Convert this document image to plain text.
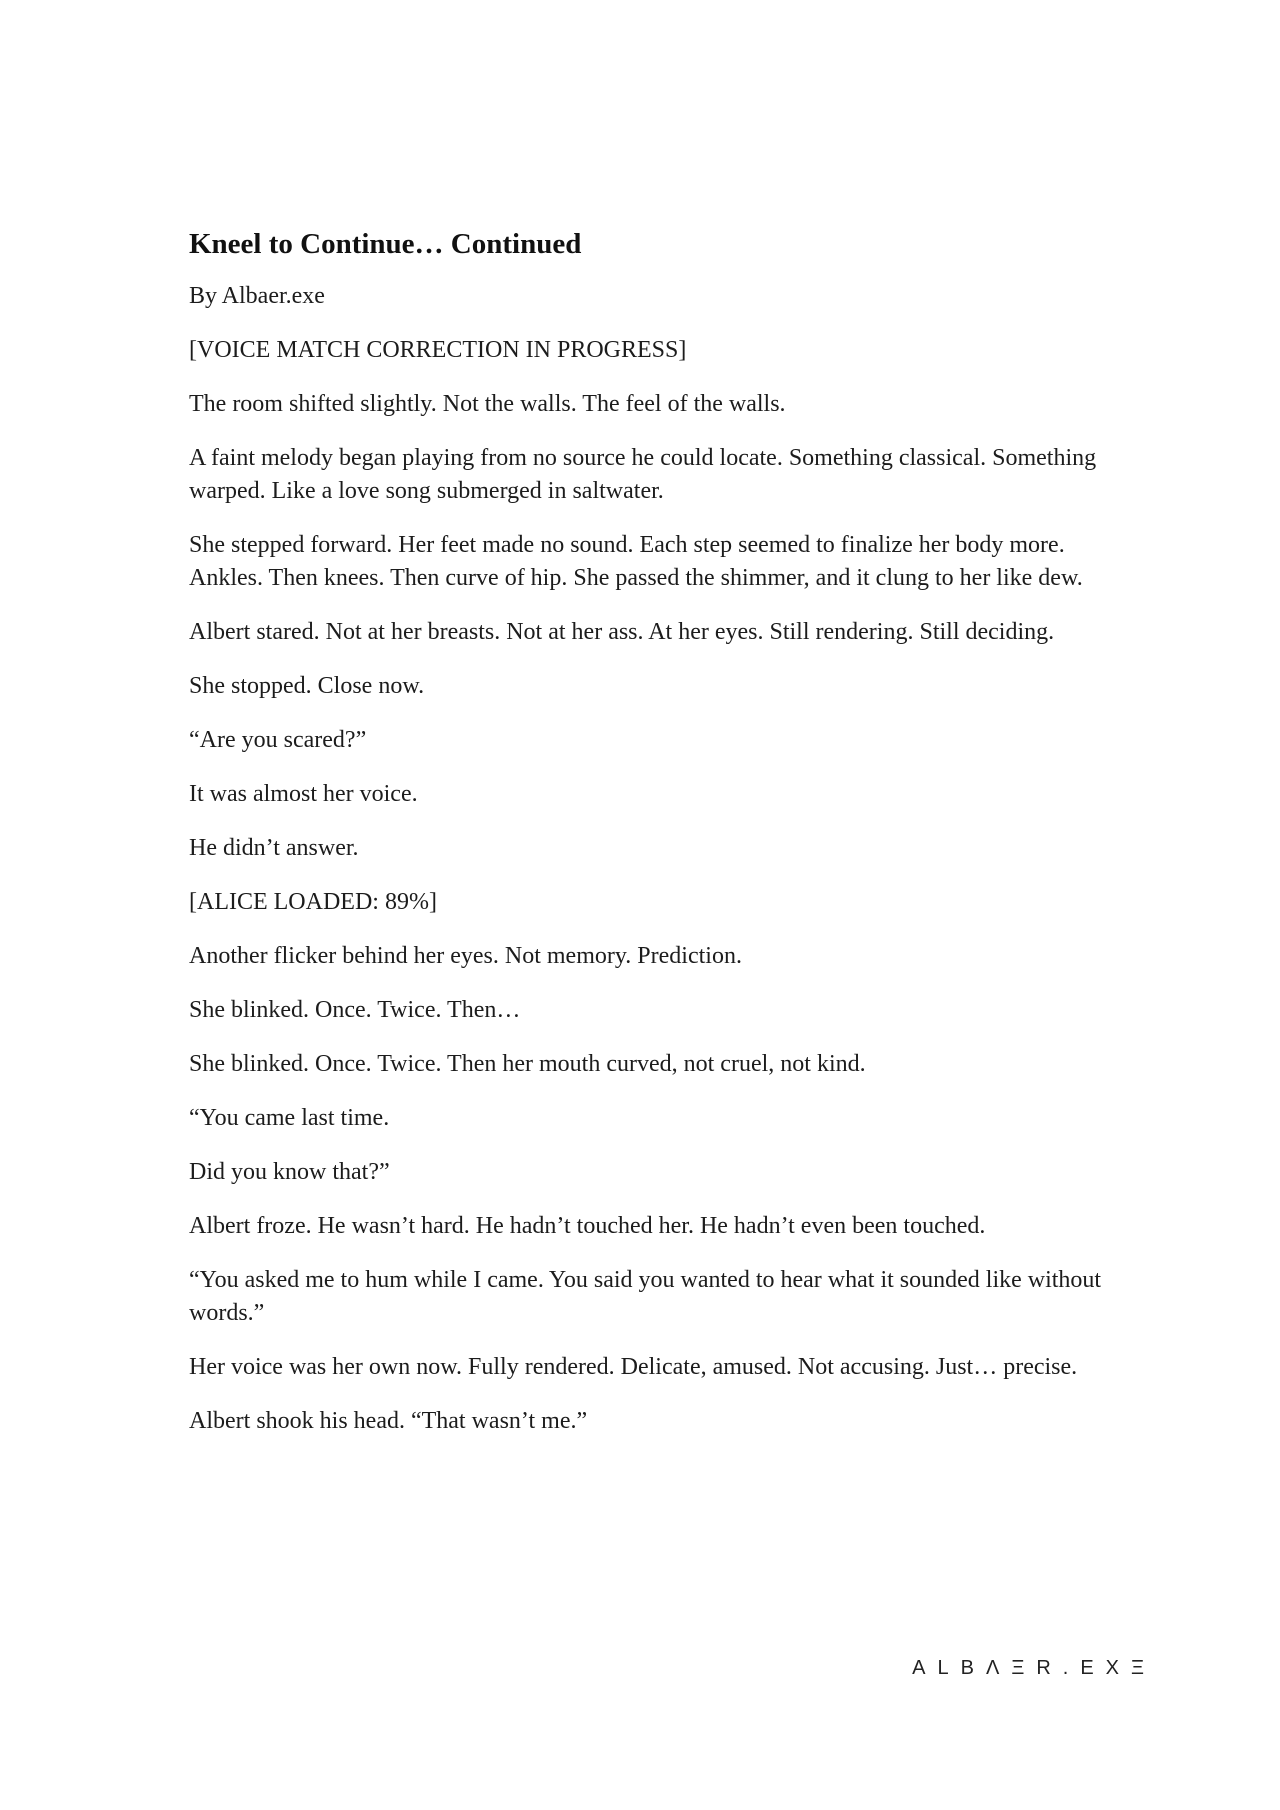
Kneel to Continue… Continued

By Albaer.exe

[VOICE MATCH CORRECTION IN PROGRESS]

The room shifted slightly. Not the walls. The feel of the walls.

A faint melody began playing from no source he could locate. Something classical. Something warped. Like a love song submerged in saltwater.

She stepped forward. Her feet made no sound. Each step seemed to finalize her body more. Ankles. Then knees. Then curve of hip. She passed the shimmer, and it clung to her like dew.

Albert stared. Not at her breasts. Not at her ass. At her eyes. Still rendering. Still deciding.

She stopped. Close now.

“Are you scared?”

It was almost her voice.

He didn’t answer.

[ALICE LOADED: 89%]

Another flicker behind her eyes. Not memory. Prediction.

She blinked. Once. Twice. Then…

She blinked. Once. Twice. Then her mouth curved, not cruel, not kind.

“You came last time.

Did you know that?”

Albert froze. He wasn’t hard. He hadn’t touched her. He hadn’t even been touched.

“You asked me to hum while I came. You said you wanted to hear what it sounded like without words.”

Her voice was her own now. Fully rendered. Delicate, amused. Not accusing. Just… precise.

Albert shook his head. “That wasn’t me.”

ALBΛΞR.EXΞ
